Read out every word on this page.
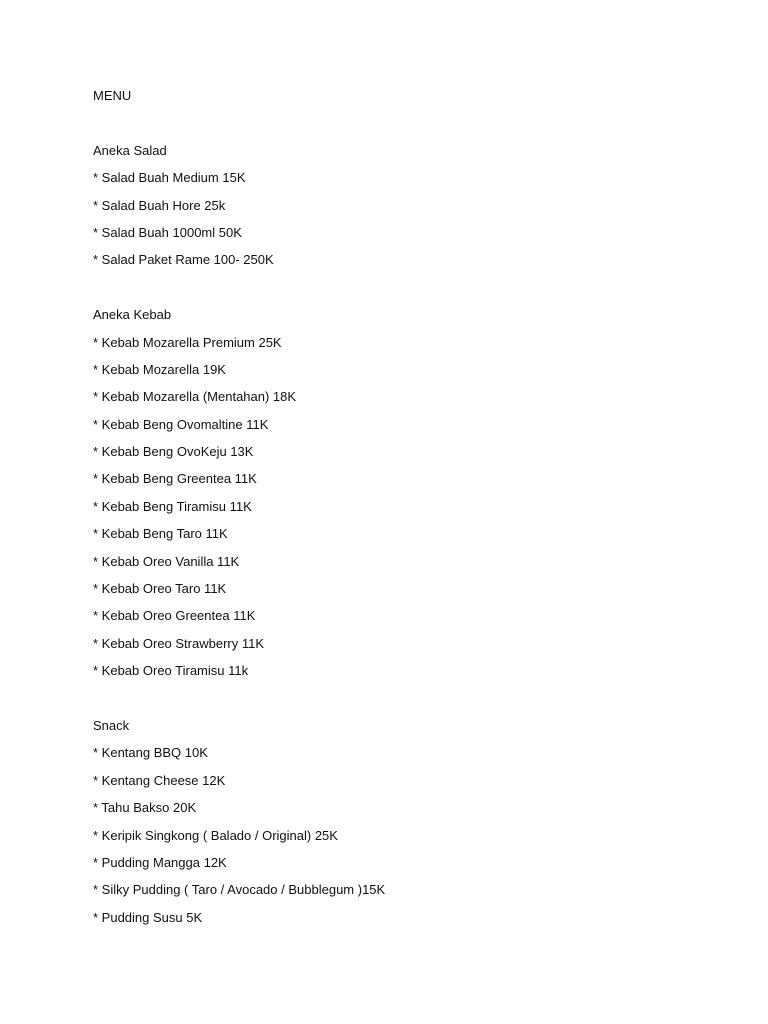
MENU
Aneka Salad
* Salad Buah Medium 15K
* Salad Buah Hore 25k
* Salad Buah 1000ml 50K
* Salad Paket Rame 100- 250K
Aneka Kebab
* Kebab Mozarella Premium 25K
* Kebab Mozarella 19K
* Kebab Mozarella (Mentahan) 18K
* Kebab Beng Ovomaltine 11K
* Kebab Beng OvoKeju 13K
* Kebab Beng Greentea 11K
* Kebab Beng Tiramisu 11K
* Kebab Beng Taro 11K
* Kebab Oreo Vanilla 11K
* Kebab Oreo Taro 11K
* Kebab Oreo Greentea 11K
* Kebab Oreo Strawberry 11K
* Kebab Oreo Tiramisu 11k
Snack
* Kentang BBQ 10K
* Kentang Cheese 12K
* Tahu Bakso 20K
* Keripik Singkong ( Balado / Original) 25K
* Pudding Mangga 12K
* Silky Pudding ( Taro / Avocado / Bubblegum )15K
* Pudding Susu 5K
